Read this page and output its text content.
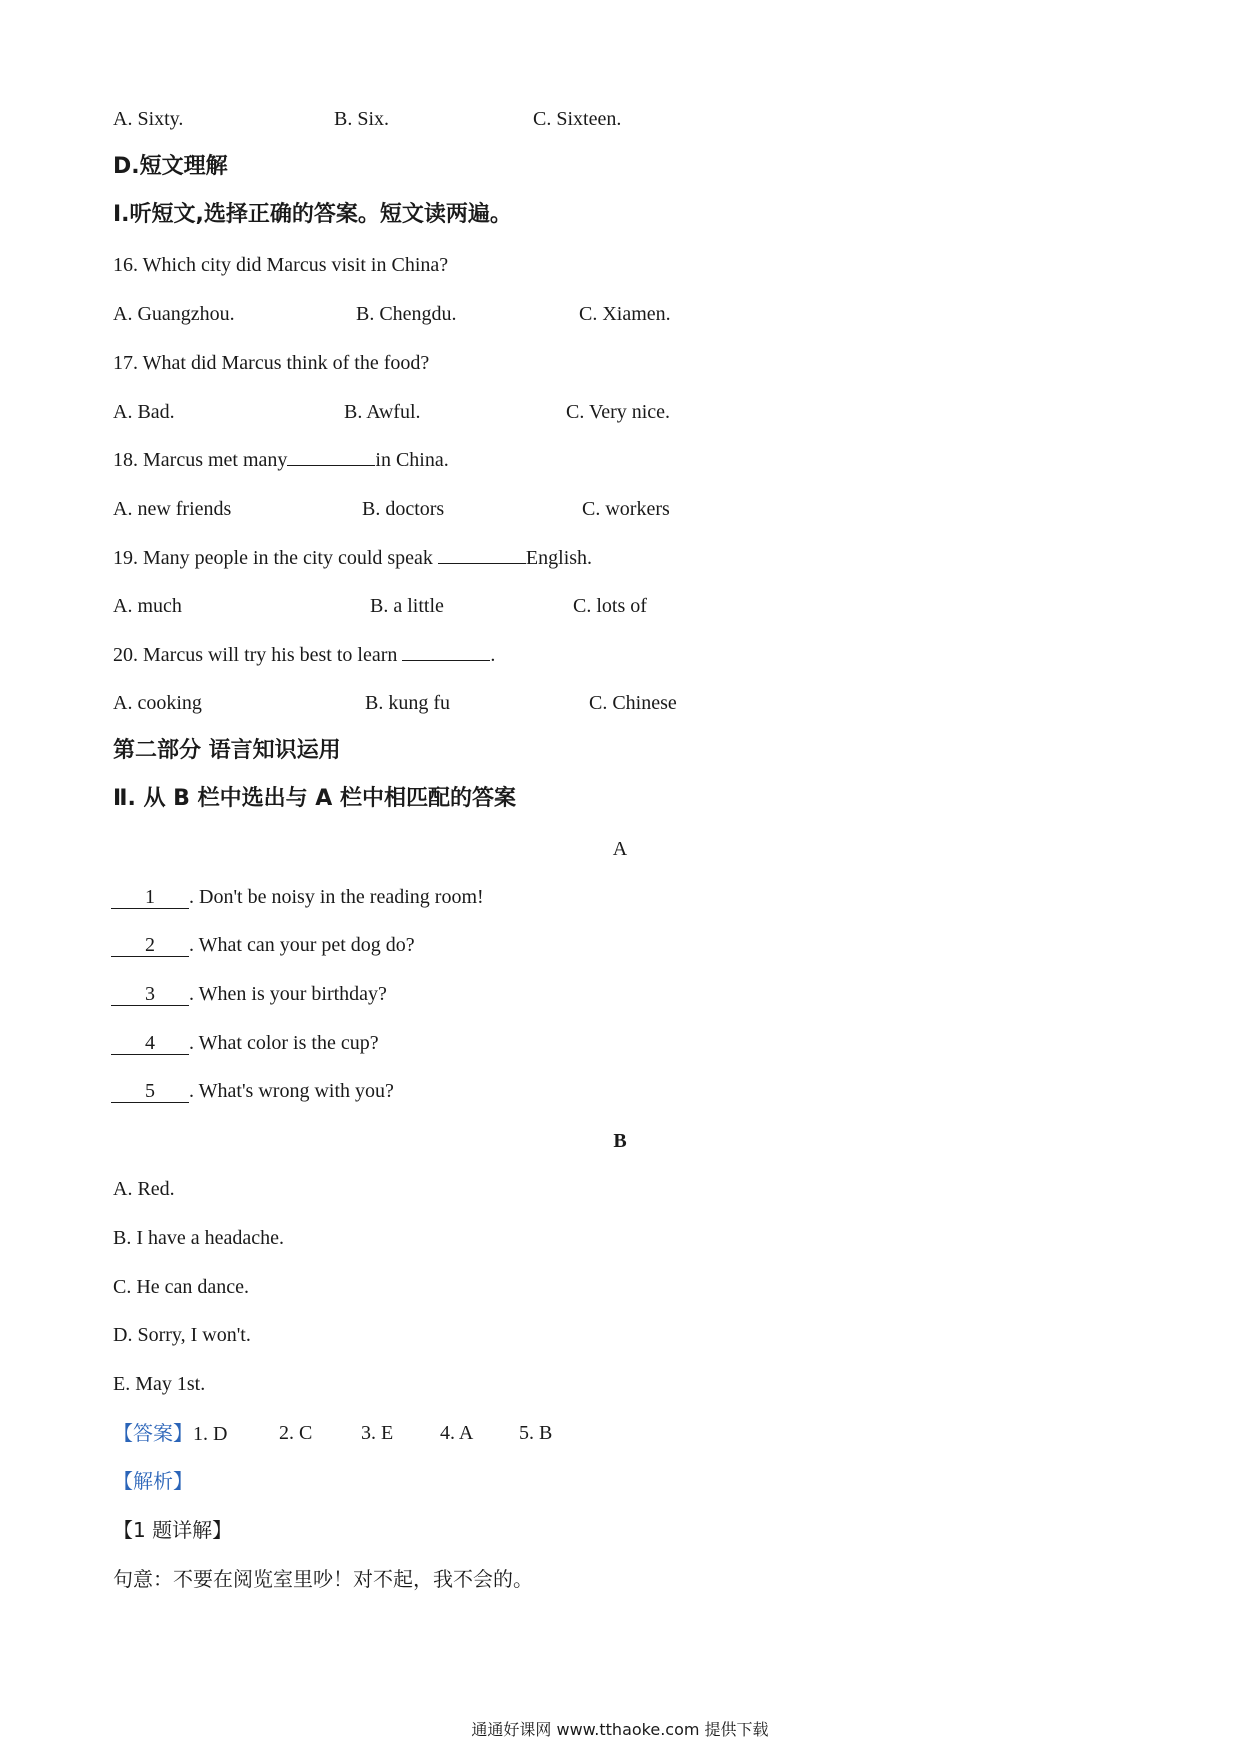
A. Sixty.	B. Six.	C. Sixteen.
D.短文理解
Ⅰ.听短文,选择正确的答案。短文读两遍。
16. Which city did Marcus visit in China?
A. Guangzhou.	B. Chengdu.	C. Xiamen.
17. What did Marcus think of the food?
A. Bad.	B. Awful.	C. Very nice.
18. Marcus met many	in China.
A. new friends	B. doctors	C. workers
19. Many people in the city could speak	English.
A. much	B. a little	C. lots of
20. Marcus will try his best to learn	.
A. cooking	B. kung fu	C. Chinese
第二部分 语言知识运用
Ⅱ. 从 B 栏中选出与 A 栏中相匹配的答案
A
1 . Don't be noisy in the reading room!
2 . What can your pet dog do?
3 . When is your birthday?
4 . What color is the cup?
5 . What's wrong with you?
B
A. Red.
B. I have a headache.
C. He can dance.
D. Sorry, I won't.
E. May 1st.
【答案】1. D	2. C 3. E 4. A 5. B
【解析】
【1 题详解】
句意：不要在阅览室里吵！对不起，我不会的。
通通好课网 www.tthaoke.com 提供下载
